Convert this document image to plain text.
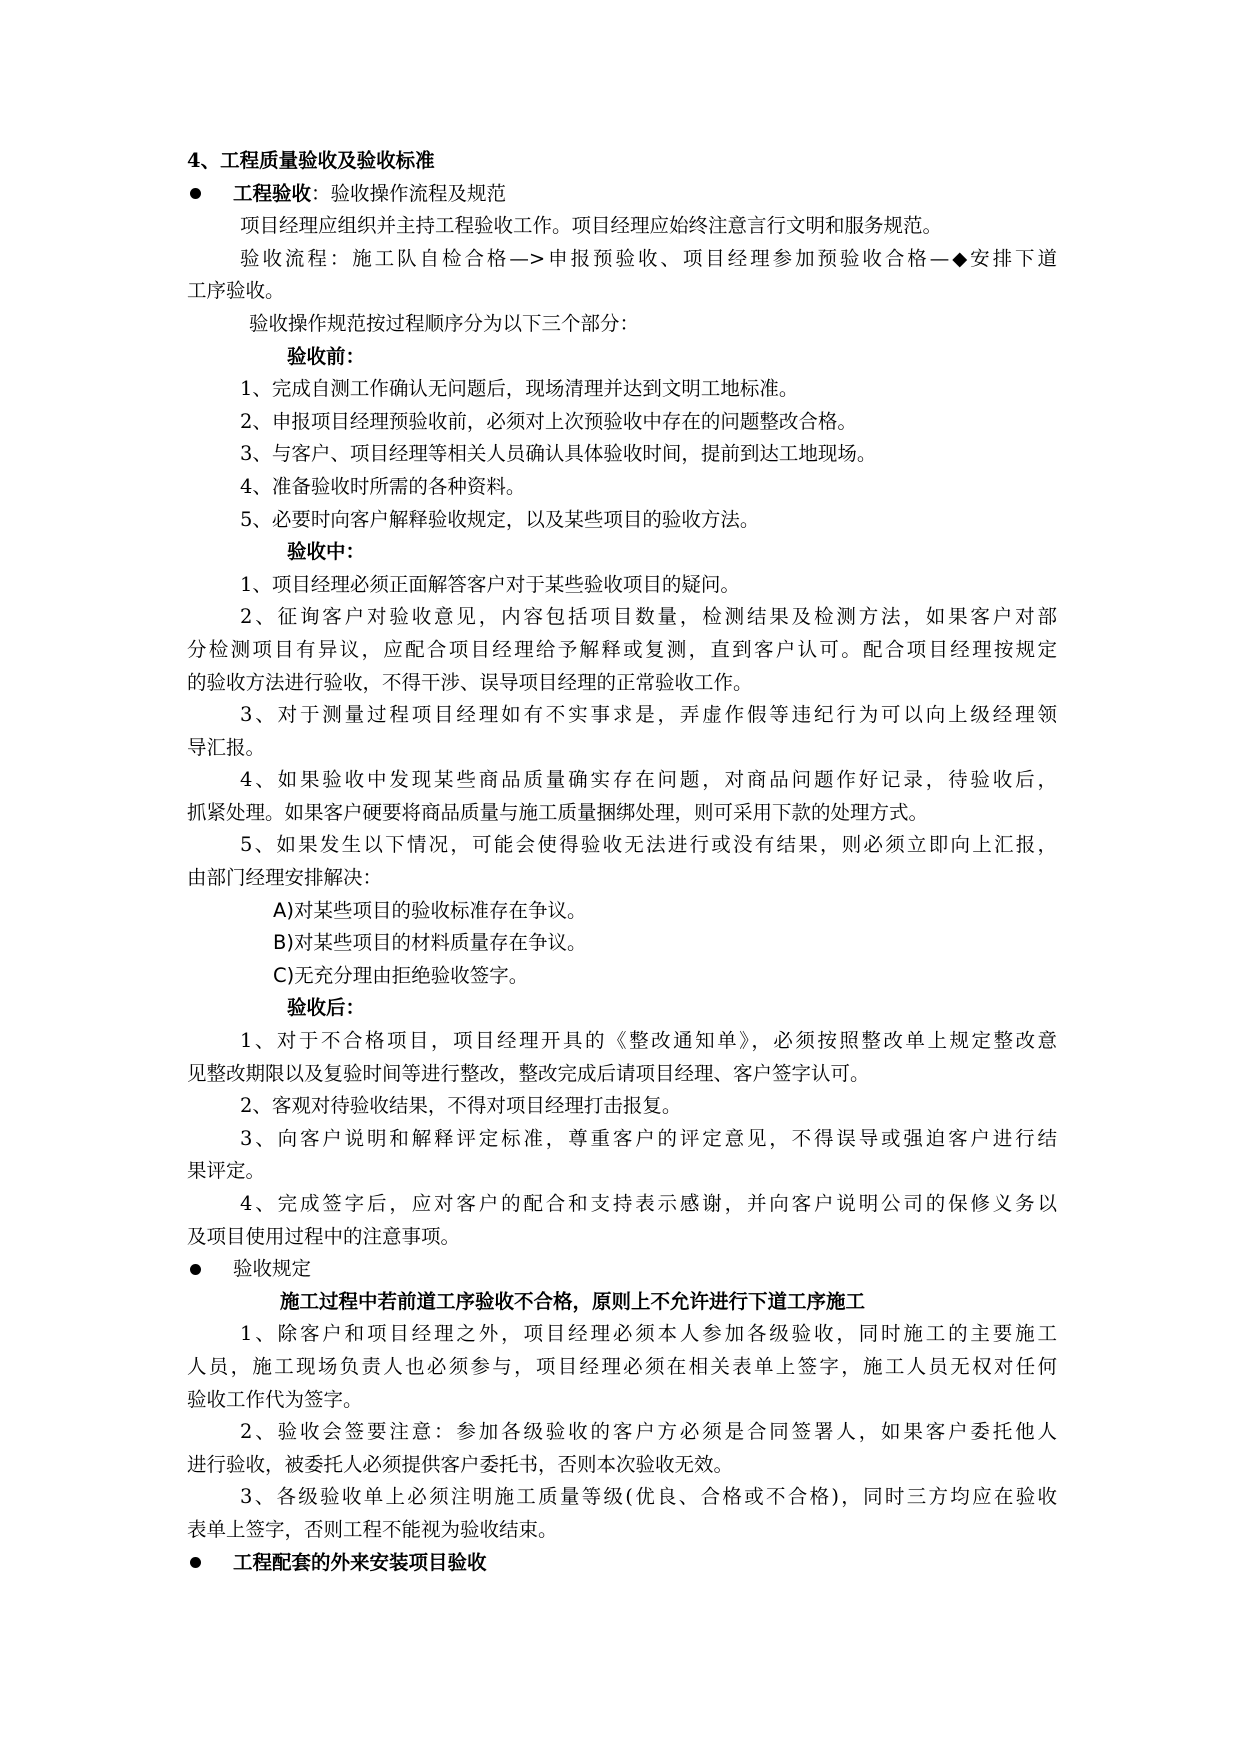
4、工程质量验收及验收标准
工程验收 ：验收操作流程及规范
项目经理应组织并主持工程验收工作。项目经理应始终注意言行文明和服务规范。
验收流程：施工队自检合格—>申报预验收、项目经理参加预验收合格—◆安排下道
工序验收。
验收操作规范按过程顺序分为以下三个部分：
验收前：
1、完成自测工作确认无问题后，现场清理并达到文明工地标准。
2、申报项目经理预验收前，必须对上次预验收中存在的问题整改合格。
3、与客户、项目经理等相关人员确认具体验收时间，提前到达工地现场。
4、准备验收时所需的各种资料。
5、必要时向客户解释验收规定，以及某些项目的验收方法。
验收中：
1、项目经理必须正面解答客户对于某些验收项目的疑问。
2、征询客户对验收意见，内容包括项目数量，检测结果及检测方法，如果客户对部
分检测项目有异议，应配合项目经理给予解释或复测，直到客户认可。配合项目经理按规定
的验收方法进行验收，不得干涉、误导项目经理的正常验收工作。
3、对于测量过程项目经理如有不实事求是，弄虚作假等违纪行为可以向上级经理领
导汇报。
4、如果验收中发现某些商品质量确实存在问题，对商品问题作好记录，待验收后，
抓紧处理。如果客户硬要将商品质量与施工质量捆绑处理，则可采用下款的处理方式。
5、如果发生以下情况，可能会使得验收无法进行或没有结果，则必须立即向上汇报，
由部门经理安排解决：
A)对某些项目的验收标准存在争议。
B)对某些项目的材料质量存在争议。
C)无充分理由拒绝验收签字。
验收后：
1、对于不合格项目，项目经理开具的《整改通知单》，必须按照整改单上规定整改意
见整改期限以及复验时间等进行整改，整改完成后请项目经理、客户签字认可。
2、客观对待验收结果，不得对项目经理打击报复。
3、向客户说明和解释评定标准，尊重客户的评定意见，不得误导或强迫客户进行结
果评定。
4、完成签字后，应对客户的配合和支持表示感谢，并向客户说明公司的保修义务以
及项目使用过程中的注意事项。
验收规定
施工过程中若前道工序验收不合格，原则上不允许进行下道工序施工
1、除客户和项目经理之外，项目经理必须本人参加各级验收，同时施工的主要施工
人员，施工现场负责人也必须参与，项目经理必须在相关表单上签字，施工人员无权对任何
验收工作代为签字。
2、验收会签要注意：参加各级验收的客户方必须是合同签署人，如果客户委托他人
进行验收，被委托人必须提供客户委托书，否则本次验收无效。
3、各级验收单上必须注明施工质量等级(优良、合格或不合格)，同时三方均应在验收
表单上签字，否则工程不能视为验收结束。
工程配套的外来安装项目验收
